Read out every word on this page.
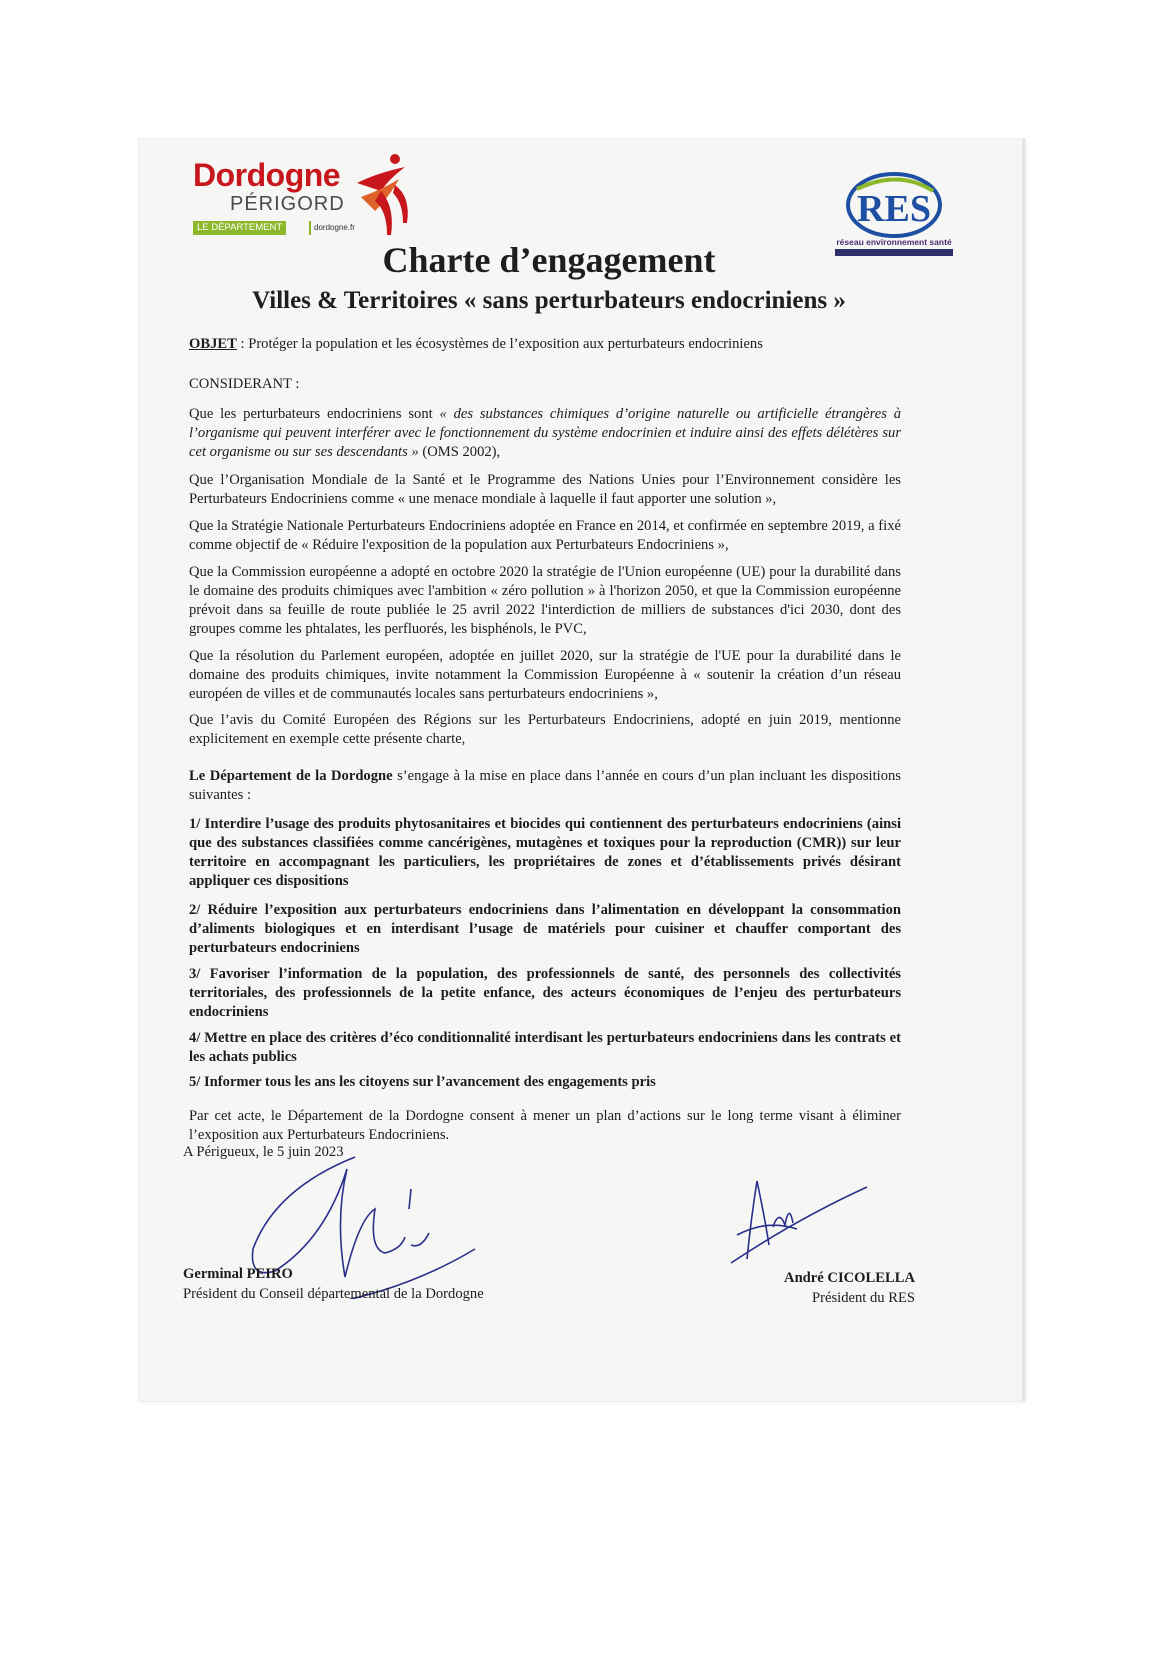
Dordogne
PÉRIGORD
LE DÉPARTEMENT	dordogne.fr	RES
réseau environnement santé
Charte d’engagement
Villes & Territoires « sans perturbateurs endocriniens »
OBJET : Protéger la population et les écosystèmes de l’exposition aux perturbateurs endocriniens
CONSIDERANT :

Que les perturbateurs endocriniens sont « des substances chimiques d’origine naturelle ou artificielle étrangères à l’organisme qui peuvent interférer avec le fonctionnement du système endocrinien et induire ainsi des effets délétères sur cet organisme ou sur ses descendants » (OMS 2002),

Que l’Organisation Mondiale de la Santé et le Programme des Nations Unies pour l’Environnement considère les Perturbateurs Endocriniens comme « une menace mondiale à laquelle il faut apporter une solution »,

Que la Stratégie Nationale Perturbateurs Endocriniens adoptée en France en 2014, et confirmée en septembre 2019, a fixé comme objectif de « Réduire l'exposition de la population aux Perturbateurs Endocriniens »,

Que la Commission européenne a adopté en octobre 2020 la stratégie de l'Union européenne (UE) pour la durabilité dans le domaine des produits chimiques avec l'ambition « zéro pollution » à l'horizon 2050, et que la Commission européenne prévoit dans sa feuille de route publiée le 25 avril 2022 l'interdiction de milliers de substances d'ici 2030, dont des groupes comme les phtalates, les perfluorés, les bisphénols, le PVC,

Que la résolution du Parlement européen, adoptée en juillet 2020, sur la stratégie de l'UE pour la durabilité dans le domaine des produits chimiques, invite notamment la Commission Européenne à « soutenir la création d’un réseau européen de villes et de communautés locales sans perturbateurs endocriniens »,

Que l’avis du Comité Européen des Régions sur les Perturbateurs Endocriniens, adopté en juin 2019, mentionne explicitement en exemple cette présente charte,

Le Département de la Dordogne s’engage à la mise en place dans l’année en cours d’un plan incluant les dispositions suivantes :

1/ Interdire l’usage des produits phytosanitaires et biocides qui contiennent des perturbateurs endocriniens (ainsi que des substances classifiées comme cancérigènes, mutagènes et toxiques pour la reproduction (CMR)) sur leur territoire en accompagnant les particuliers, les propriétaires de zones et d’établissements privés désirant appliquer ces dispositions

2/ Réduire l’exposition aux perturbateurs endocriniens dans l’alimentation en développant la consommation d’aliments biologiques et en interdisant l’usage de matériels pour cuisiner et chauffer comportant des perturbateurs endocriniens

3/ Favoriser l’information de la population, des professionnels de santé, des personnels des collectivités territoriales, des professionnels de la petite enfance, des acteurs économiques de l’enjeu des perturbateurs endocriniens

4/ Mettre en place des critères d’éco conditionnalité interdisant les perturbateurs endocriniens dans les contrats et les achats publics

5/ Informer tous les ans les citoyens sur l’avancement des engagements pris

Par cet acte, le Département de la Dordogne consent à mener un plan d’actions sur le long terme visant à éliminer l’exposition aux Perturbateurs Endocriniens.

A Périgueux, le 5 juin 2023
Germinal PEIRO
Président du Conseil départemental de la Dordogne
André CICOLELLA
Président du RES
